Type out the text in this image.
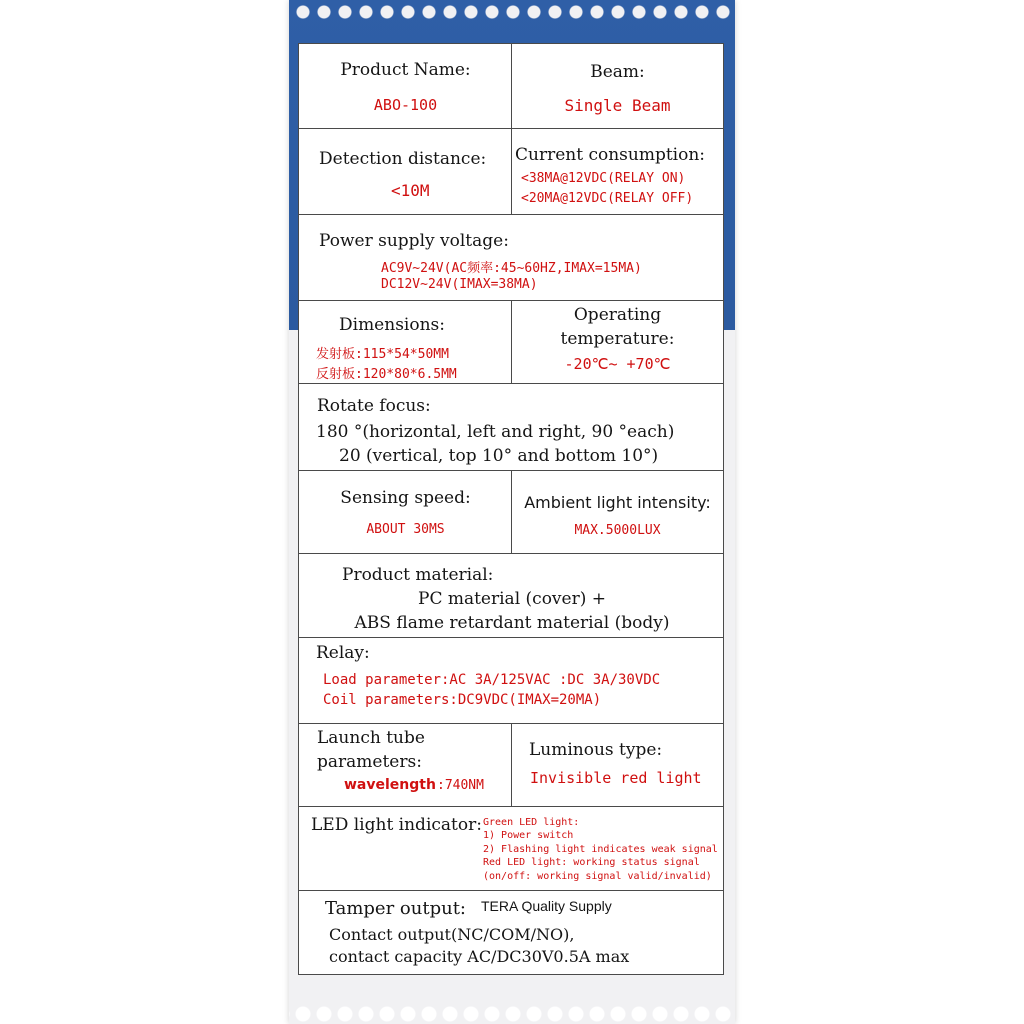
Product Name:
ABO-100
Beam:
Single Beam
Detection distance:
<10M
Current consumption:
<38MA@12VDC(RELAY ON)
<20MA@12VDC(RELAY OFF)
Power supply voltage:
AC9V~24V(AC频率:45~60HZ,IMAX=15MA)
DC12V~24V(IMAX=38MA)
Dimensions:
发射板:115*54*50MM
反射板:120*80*6.5MM
Operating
temperature:
-20℃~ +70℃
Rotate focus:
180 °(horizontal, left and right, 90 °each)
20 (vertical, top 10° and bottom 10°)
Sensing speed:
ABOUT 30MS
Ambient light intensity:
MAX.5000LUX
Product material:
PC material (cover) +
ABS flame retardant material (body)
Relay:
Load parameter:AC 3A/125VAC :DC 3A/30VDC
Coil parameters:DC9VDC(IMAX=20MA)
Launch tube
parameters:
wavelength :740NM
Luminous type:
Invisible red light
LED light indicator: Green LED light:
1) Power switch
2) Flashing light indicates weak signal
Red LED light: working status signal
(on/off: working signal valid/invalid)
Tamper output: TERA Quality Supply
Contact output(NC/COM/NO),
contact capacity AC/DC30V0.5A max
